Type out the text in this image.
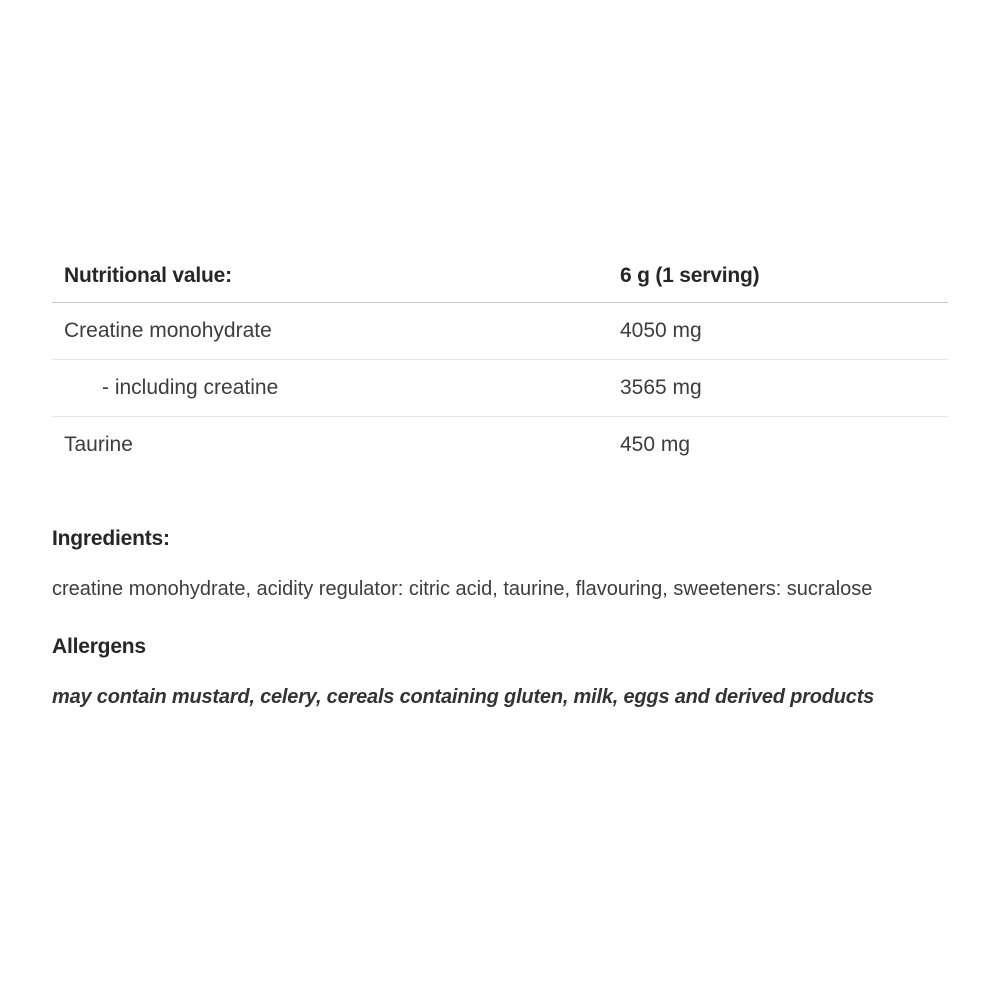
Nutritional value:	6 g (1 serving)
Creatine monohydrate	4050 mg
- including creatine	3565 mg
Taurine	450 mg
Ingredients:

creatine monohydrate, acidity regulator: citric acid, taurine, flavouring, sweeteners: sucralose

Allergens

may contain mustard, celery, cereals containing gluten, milk, eggs and derived products
